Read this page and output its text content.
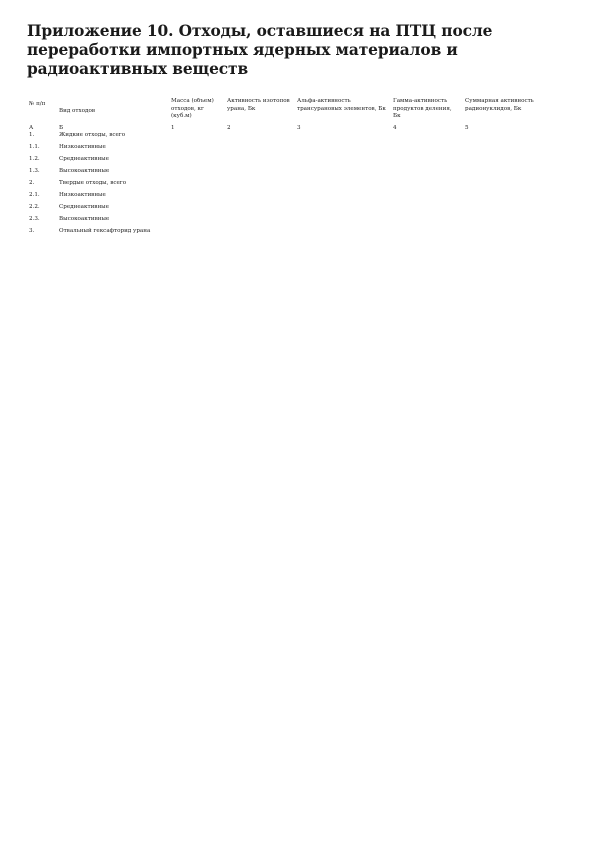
Приложение 10. Отходы, оставшиеся на ПТЦ после переработки импортных ядерных материалов и радиоактивных веществ
№ п/п	Вид отходов	Масса (объем) отходов, кг (куб.м)	Активность изотопов урана, Бк	Альфа-активность трансурановых элементов, Бк	Гамма-активность продуктов деления, Бк	Суммарная активность радионуклидов, Бк
А	Б	1	2	3	4	5
1.	Жидкие отходы, всего					
1.1.	Низкоактивные					
1.2.	Среднеактивные					
1.3.	Высокоактивные					
2.	Твердые отходы, всего					
2.1.	Низкоактивные					
2.2.	Среднеактивные					
2.3.	Высокоактивные					
3.	Отвальный гексафторид урана					
